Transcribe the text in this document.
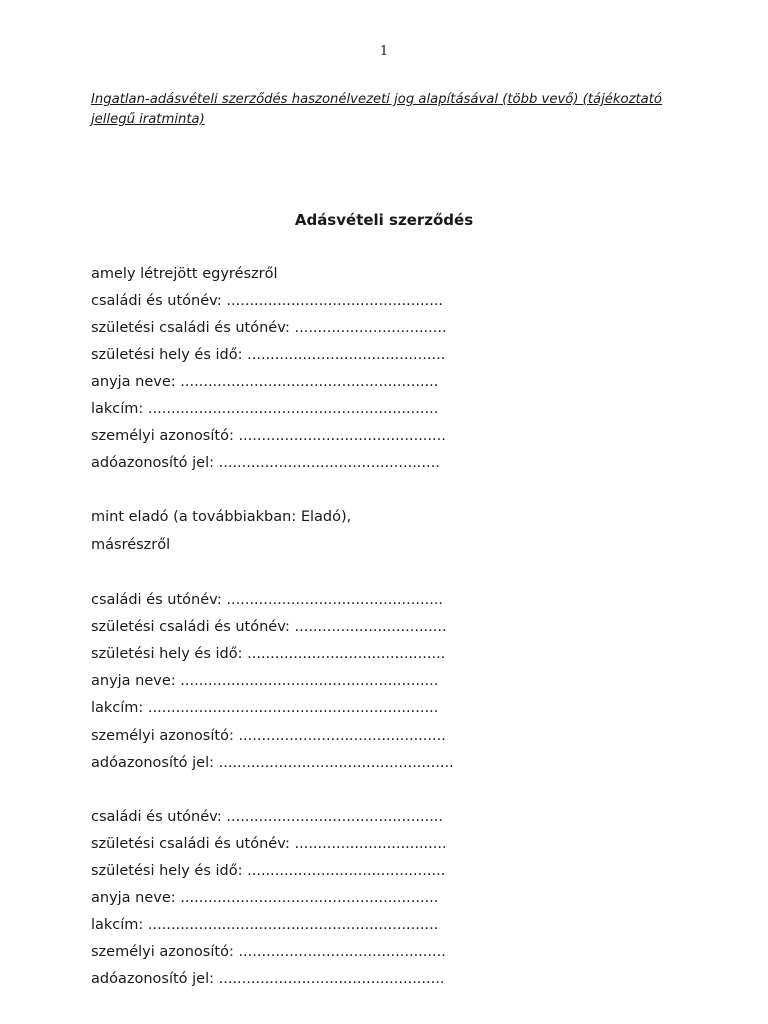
1
Ingatlan-adásvételi szerződés haszonélvezeti jog alapításával (több vevő) (tájékoztató jellegű iratminta)
Adásvételi szerződés
amely létrejött egyrészről
családi és utónév: ...............................................
születési családi és utónév: .................................
születési hely és idő: ...........................................
anyja neve: ........................................................
lakcím: ...............................................................
személyi azonosító: .............................................
adóazonosító jel: ................................................
mint eladó (a továbbiakban: Eladó),
másrészről
családi és utónév: ...............................................
születési családi és utónév: .................................
születési hely és idő: ...........................................
anyja neve: ........................................................
lakcím: ...............................................................
személyi azonosító: .............................................
adóazonosító jel: ...................................................
családi és utónév: ...............................................
születési családi és utónév: .................................
születési hely és idő: ...........................................
anyja neve: ........................................................
lakcím: ...............................................................
személyi azonosító: .............................................
adóazonosító jel: .................................................
